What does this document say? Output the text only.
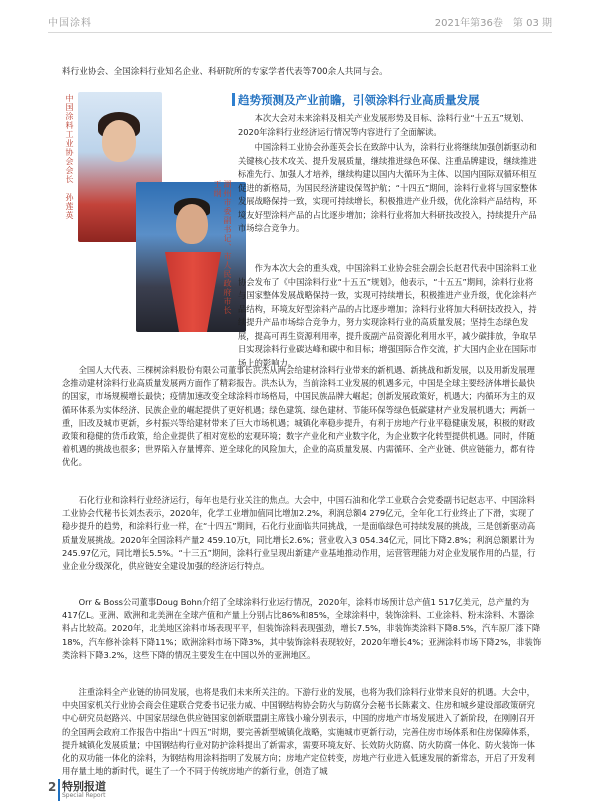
中国涂料	2021年第36卷　第 03 期
料行业协会、全国涂料行业知名企业、科研院所的专家学者代表等700余人共同与会。
中国涂料工业协会会长　孙莲英
湖州市委副书记、市人民政府市长　王纲
趋势预测及产业前瞻，引领涂料行业高质量发展

本次大会对未来涂料及相关产业发展形势及目标、涂料行业“十五五”规划、2020年涂料行业经济运行情况等内容进行了全面解读。

中国涂料工业协会孙莲英会长在致辞中认为，涂料行业将继续加强创新驱动和关键核心技术攻关、提升发展质量，继续推进绿色环保、注重品牌建设，继续推进标准先行、加强人才培养，继续构建以国内大循环为主体、以国内国际双循环相互促进的新格局，为国民经济建设保驾护航；“十四五”期间，涂料行业将与国家整体发展战略保持一致，实现可持续增长，积极推进产业升级，优化涂料产品结构，环境友好型涂料产品的占比逐步增加；涂料行业将加大科研技改投入，持续提升产品市场综合竞争力。

作为本次大会的重头戏，中国涂料工业协会驻会副会长赵君代表中国涂料工业协会发布了《中国涂料行业“十五五”规划》，他表示，“十五五”期间，涂料行业将与国家整体发展战略保持一致，实现可持续增长，积极推进产业升级，优化涂料产品结构，环境友好型涂料产品的占比逐步增加；涂料行业将加大科研技改投入，持续提升产品市场综合竞争力，努力实现涂料行业的高质量发展；坚持生态绿色发展，提高可再生资源利用率，提升废副产品资源化利用水平，减少碳排放，争取早日实现涂料行业碳达峰和碳中和目标；增强国际合作交流，扩大国内企业在国际市场上的影响力。

全国人大代表、三棵树涂料股份有限公司董事长洪杰从两会给建材涂料行业带来的新机遇、新挑战和新发展，以及用新发展理念推动建材涂料行业高质量发展两方面作了精彩报告。洪杰认为，当前涂料工业发展的机遇多元，中国是全球主要经济体增长最快的国家，市场规模增长最快；疫情加速改变全球涂料市场格局，中国民族品牌大崛起；创新发展政策好，机遇大；内循环为主的双循环体系为实体经济、民族企业的崛起提供了更好机遇；绿色建筑、绿色建材、节能环保等绿色低碳建材产业发展机遇大；两新一重，旧改及城市更新，乡村振兴等给建材带来了巨大市场机遇；城镇化率稳步提升，有利于房地产行业平稳健康发展，积极的财政政策和稳健的货币政策，给企业提供了相对宽松的宏观环境；数字产业化和产业数字化，为企业数字化转型提供机遇。同时，伴随着机遇的挑战也很多；世界陷入存量博弈、逆全球化的风险加大，企业的高质量发展、内需循环、全产业链、供应链能力，都有待优化。

石化行业和涂料行业经济运行，每年也是行业关注的焦点。大会中，中国石油和化学工业联合会党委副书记赵志平、中国涂料工业协会代秘书长刘杰表示，2020年，化学工业增加值同比增加2.2%，利润总额4 279亿元，全年化工行业终止了下滑，实现了稳步提升的趋势，和涂料行业一样，在“十四五”期间，石化行业面临共同挑战，一是面临绿色可持续发展的挑战，三是创新驱动高质量发展挑战。2020年全国涂料产量2 459.10万t，同比增长2.6%；营业收入3 054.34亿元，同比下降2.8%；利润总额累计为245.97亿元，同比增长5.5%。“十三五”期间，涂料行业呈现出新建产业基地推动作用，运营管理能力对企业发展作用的凸显，行业企业分级深化，供应链安全建设加强的经济运行特点。

Orr & Boss公司董事Doug Bohn介绍了全球涂料行业运行情况，2020年，涂料市场预计总产值1 517亿美元，总产量约为417亿L。亚洲、欧洲和北美洲在全球产值和产量上分别占比86%和85%，全球涂料中，装饰涂料、工业涂料、粉末涂料、木器涂料占比较高。2020年，北美地区涂料市场表现平平，但装饰涂料表现强劲，增长7.5%，非装饰类涂料下降8.5%，汽车原厂漆下降18%，汽车修补涂料下降11%；欧洲涂料市场下降3%，其中装饰涂料表现较好，2020年增长4%；亚洲涂料市场下降2%，非装饰类涂料下降3.2%，这些下降的情况主要发生在中国以外的亚洲地区。

注重涂料全产业链的协同发展，也将是我们未来所关注的。下游行业的发展，也将为我们涂料行业带来良好的机遇。大会中，中央国家机关行业协会商会住建联合党委书记张力威、中国钢结构协会防火与防腐分会秘书长陈素文、住房和城乡建设部政策研究中心研究员赵路兴、中国家居绿色供应链国家创新联盟副主席钱小瑜分别表示，中国的房地产市场发展进入了新阶段，在刚刚召开的全国两会政府工作报告中指出“十四五”时期，要完善新型城镇化战略，实施城市更新行动，完善住房市场体系和住房保障体系，提升城镇化发展质量；中国钢结构行业对防护涂料提出了新需求，需要环境友好、长效防火防腐、防火防腐一体化、防火装饰一体化的双功能一体化的涂料，为钢结构用涂料指明了发展方向；房地产定位转变，房地产行业进入低速发展的新常态，开启了开发利用存量土地的新时代，诞生了一个不同于传统房地产的新行业，创造了城

2 特别报道
Special Report
